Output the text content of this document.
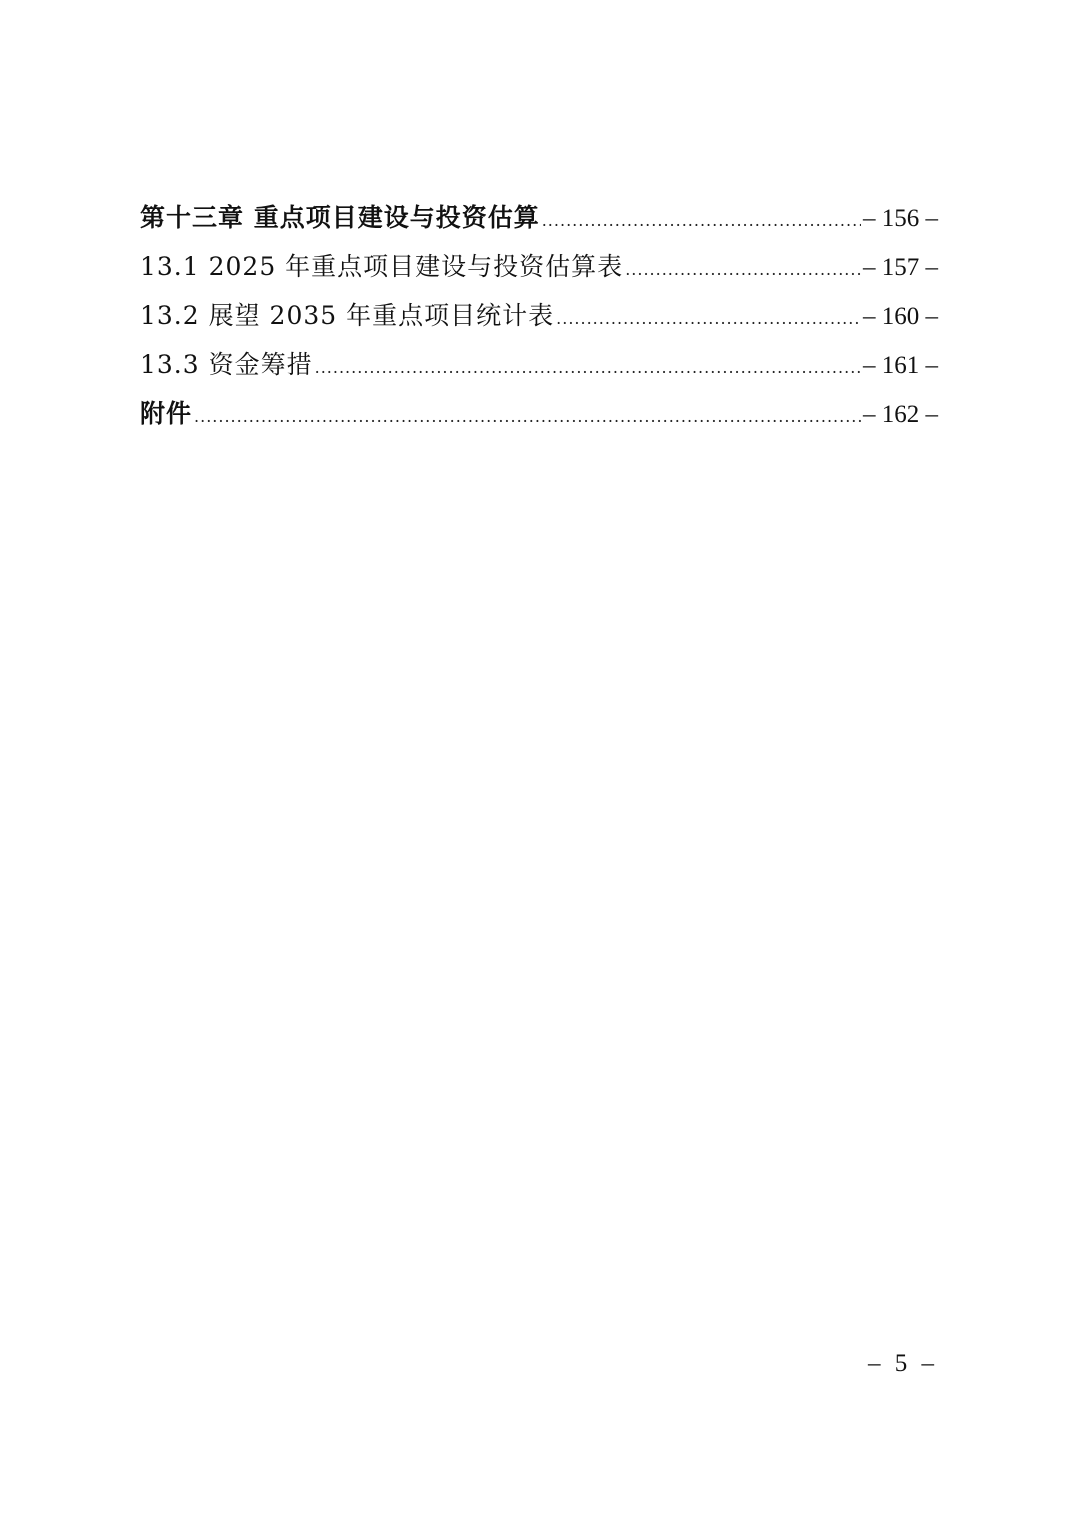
第十三章 重点项目建设与投资估算 .....	– 156 –
13.1 2025 年重点项目建设与投资估算表 .....	– 157 –
13.2 展望 2035 年重点项目统计表 .....	– 160 –
13.3 资金筹措 .....	– 161 –
附件 .....	– 162 –
– 5 –
